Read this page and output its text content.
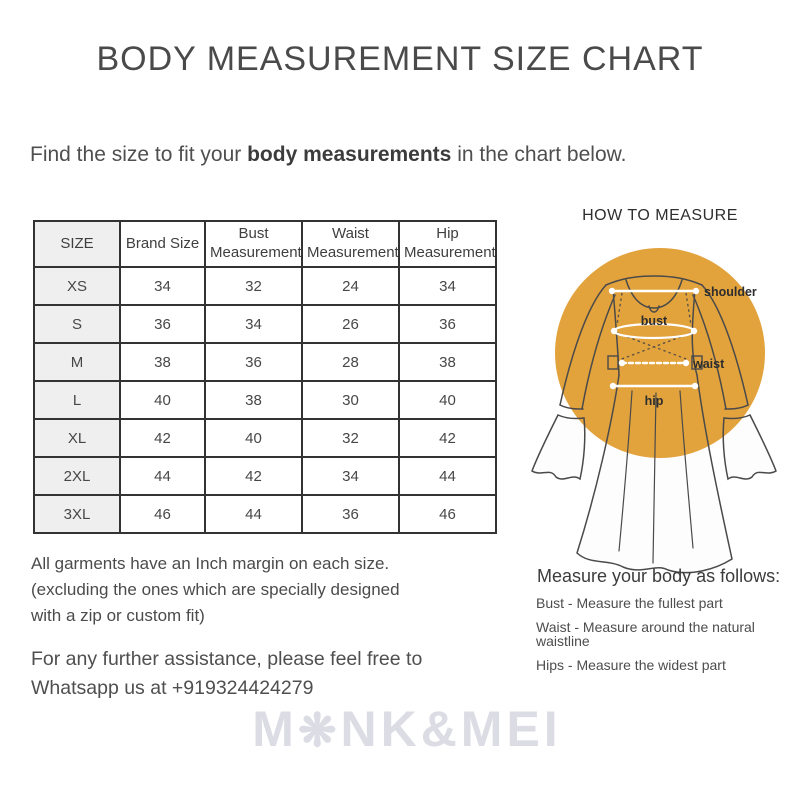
BODY MEASUREMENT SIZE CHART

Find the size to fit your body measurements in the chart below.

SIZE	Brand Size	Bust Measurement	Waist Measurement	Hip Measurement
XS	34	32	24	34
S	36	34	26	36
M	38	36	28	38
L	40	38	30	40
XL	42	40	32	42
2XL	44	42	34	44
3XL	46	44	36	46
HOW TO MEASURE
shoulder
bust
waist
hip
All garments have an Inch margin on each size.
(excluding the ones which are specially designed
with a zip or custom fit)
For any further assistance, please feel free to
Whatsapp us at +919324424279
Measure your body as follows:
Bust - Measure the fullest part
Waist - Measure around the natural waistline
Hips - Measure the widest part
M❋NK&MEI
